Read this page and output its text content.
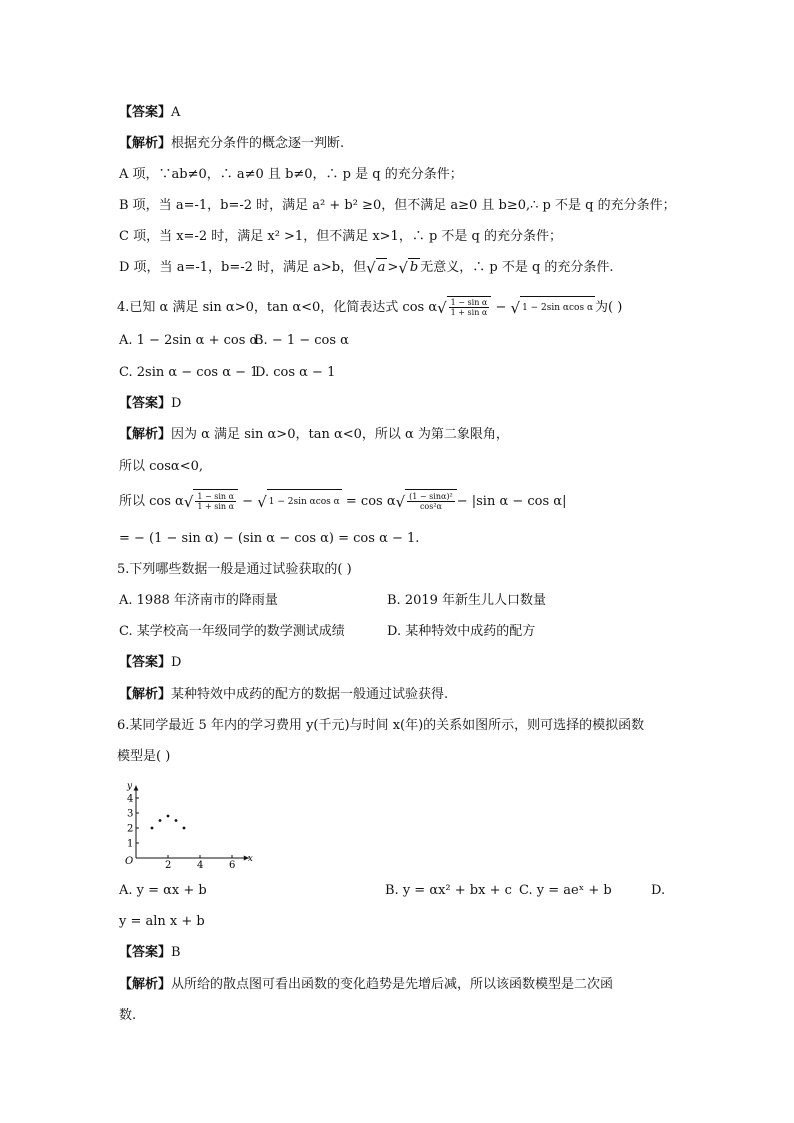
【答案】A
【解析】根据充分条件的概念逐一判断.
A 项，∵ab≠0，∴ a≠0 且 b≠0，∴ p 是 q 的充分条件；
B 项，当 a=-1，b=-2 时，满足 a² + b² ≥0，但不满足 a≥0 且 b≥0,∴ p 不是 q 的充分条件；
C 项，当 x=-2 时，满足 x² >1，但不满足 x>1，∴ p 不是 q 的充分条件；
D 项，当 a=-1，b=-2 时，满足 a>b，但√ a >√ b 无意义，∴ p 不是 q 的充分条件.
4.已知 α 满足 sin α>0，tan α<0，化简表达式 $\cos \alpha√ \frac{\text{1 − sin α}}{\text{1 + sin α}}$ − √ 1 − 2sin αcos α 为( )
A. 1 − 2sin α + cos α
B. − 1 − cos α
C. 2sin α − cos α − 1
D. cos α − 1
【答案】D
【解析】因为 α 满足 sin α>0，tan α<0，所以 α 为第二象限角，
所以 cosα<0,
所以 $\cos \alpha√ \frac{\text{1 − sin α}}{\text{1 + sin α}}$ − √ 1 − 2sin αcos $\alpha = \cos \alpha√ \frac{\text{(1 − sinα)²}}{\text{cos²α}} - |\sin$ α − cos α|
= − (1 − sin α) − (sin α − cos α) = cos α − 1.
5.下列哪些数据一般是通过试验获取的( )
A. 1988 年济南市的降雨量	B. 2019 年新生儿人口数量
C. 某学校高一年级同学的数学测试成绩	D. 某种特效中成药的配方
【答案】D
【解析】某种特效中成药的配方的数据一般通过试验获得.
6.某同学最近 5 年内的学习费用 y(千元)与时间 x(年)的关系如图所示，则可选择的模拟函数
模型是( )
x
y
O	2	4	6
1
2
3
4
A. y = αx + b	B. y = αx² + bx + c C. y = aeˣ + b	D.
y = aln x + b
【答案】B
【解析】从所给的散点图可看出函数的变化趋势是先增后减，所以该函数模型是二次函
数.
